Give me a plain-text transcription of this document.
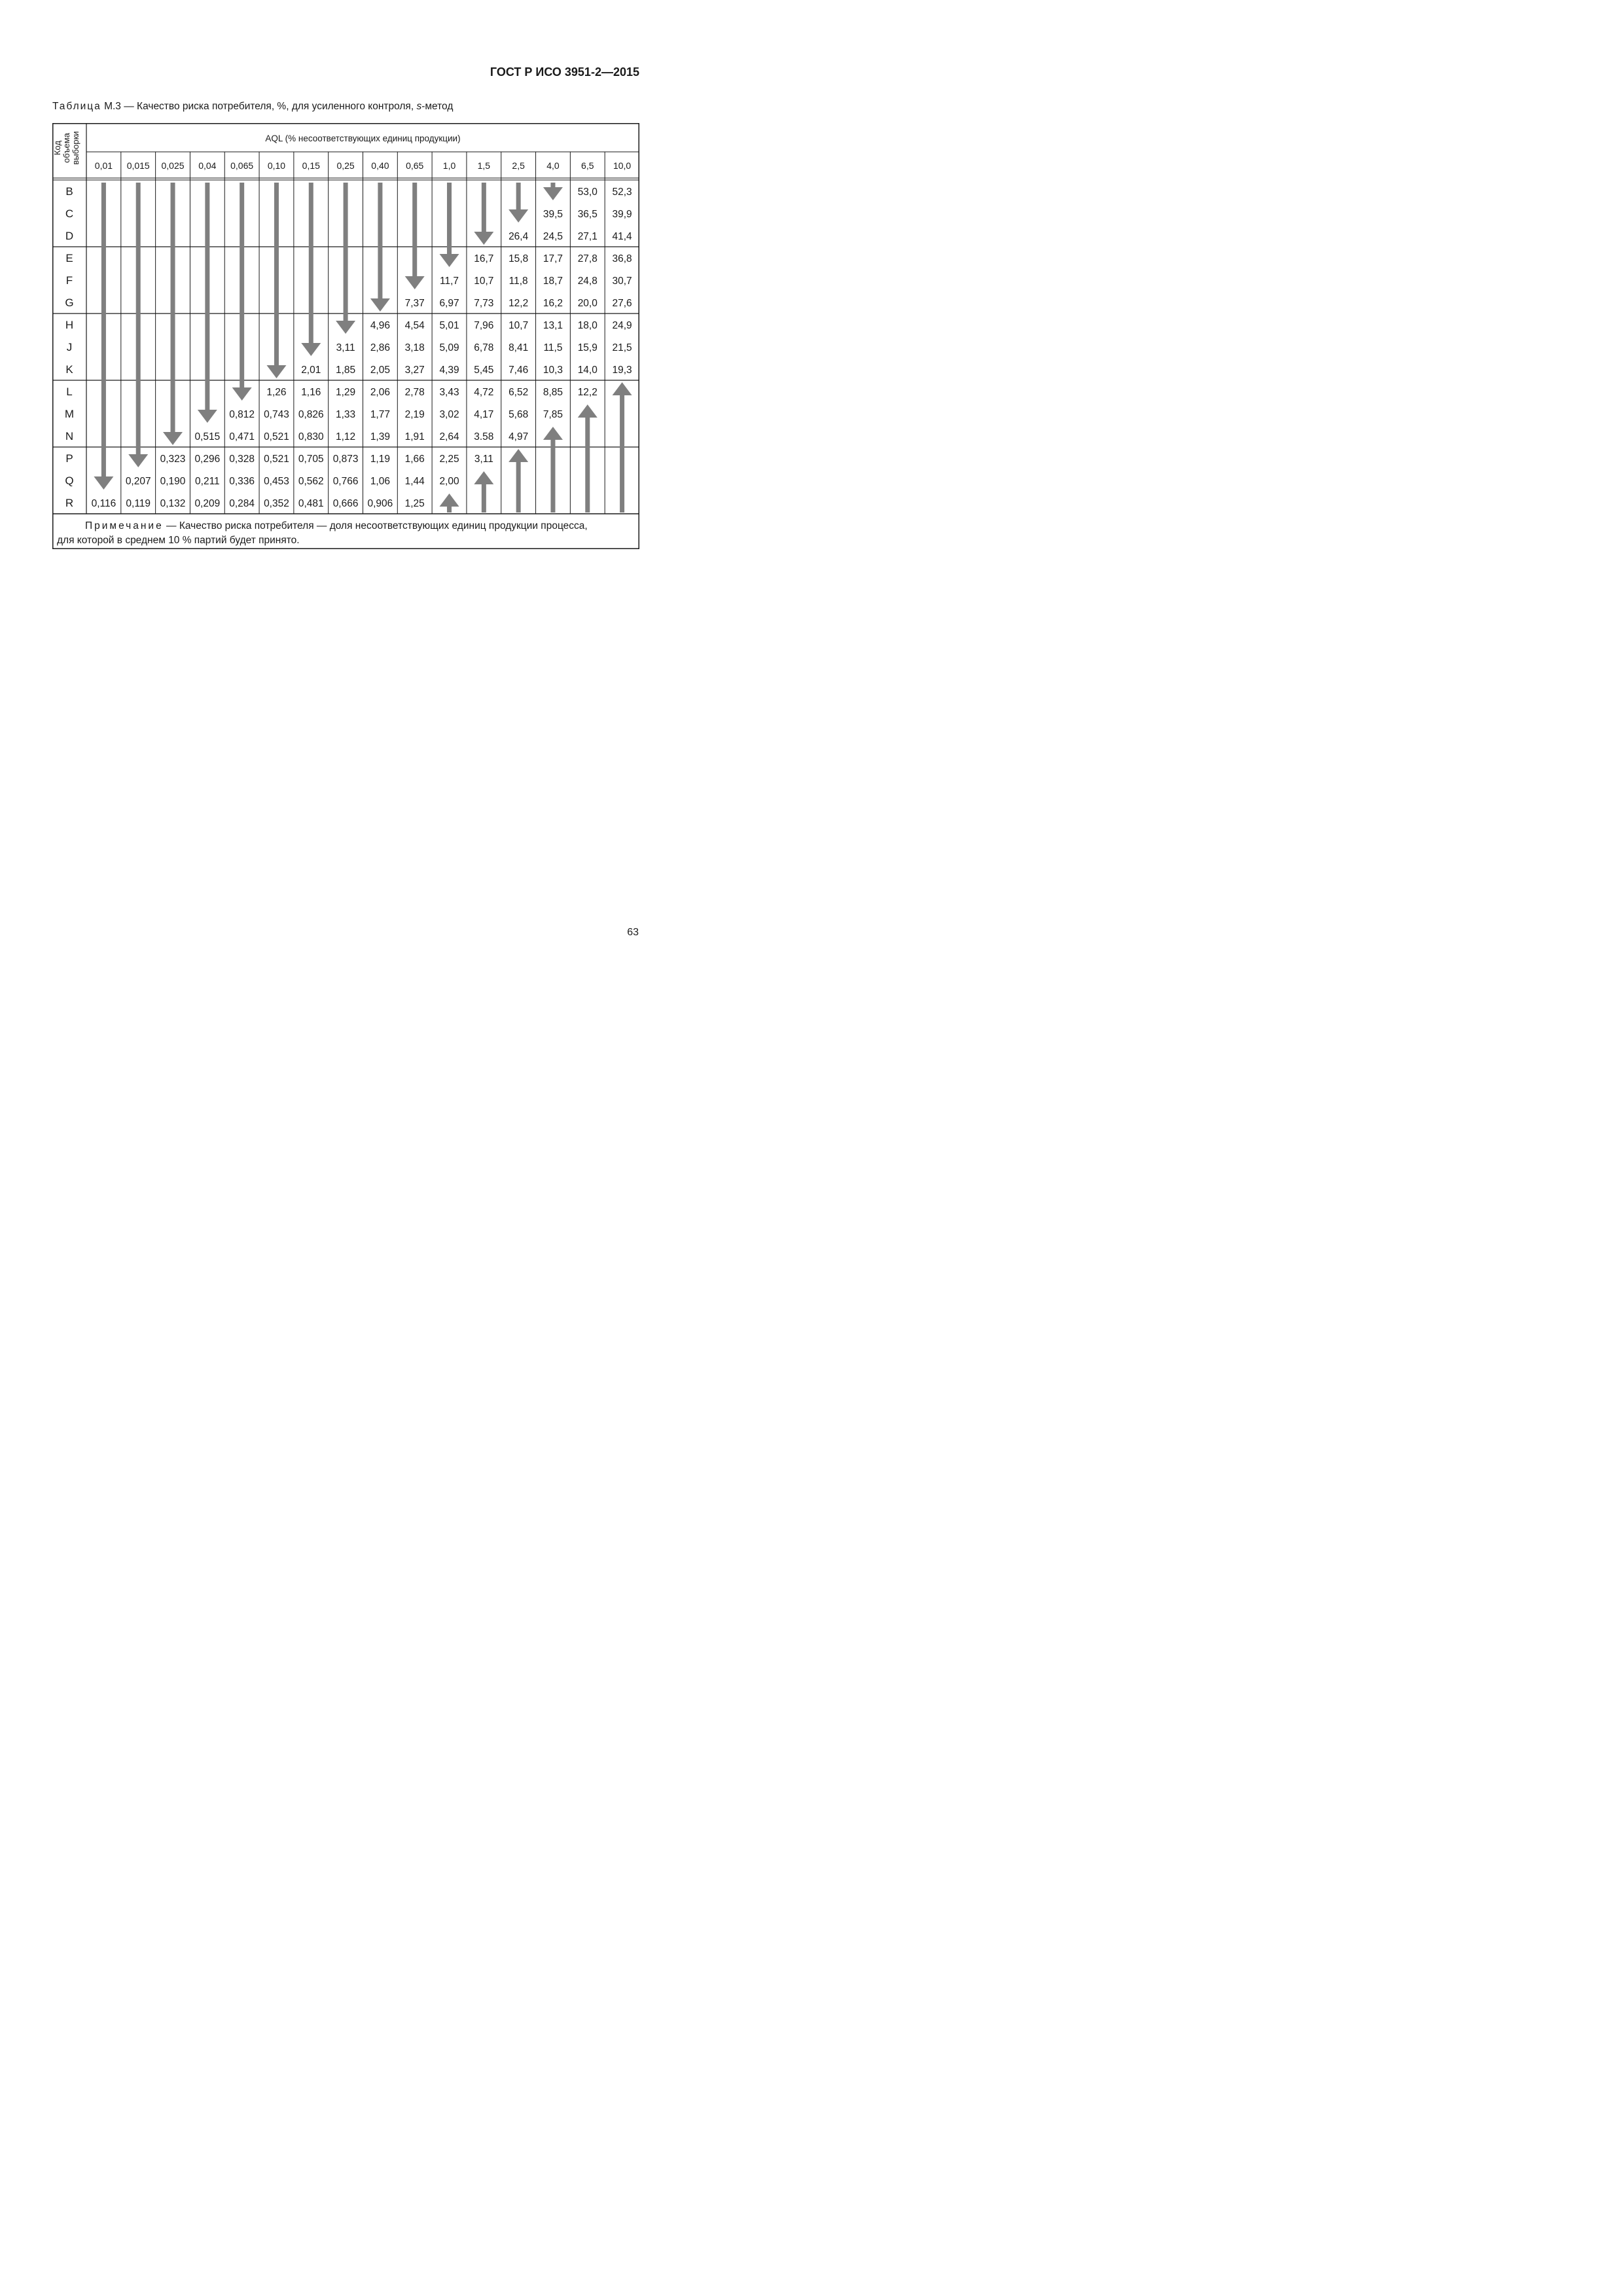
ГОСТ Р ИСО 3951-2—2015
Таблица М.3 — Качество риска потребителя, %, для усиленного контроля, s-метод
Код объема выборки	AQL (% несоответствующих единиц продукции)
0,01 0,015 0,025 0,04 0,065 0,10 0,15 0,25 0,40 0,65 1,0 1,5 2,5 4,0 6,5 10,0
B
C
D
E
F
G
H
J
K
L
M
N
P
Q
R
53,0 52,3
39,5 36,5 39,9
26,4 24,5 27,1 41,4
16,7 15,8 17,7 27,8 36,8
11,7 10,7 11,8 18,7 24,8 30,7
7,37 6,97 7,73 12,2 16,2 20,0 27,6
4,96 4,54 5,01 7,96 10,7 13,1 18,0 24,9
3,11 2,86 3,18 5,09 6,78 8,41 11,5 15,9 21,5
2,01 1,85 2,05 3,27 4,39 5,45 7,46 10,3 14,0 19,3
1,26 1,16 1,29 2,06 2,78 3,43 4,72 6,52 8,85 12,2
0,812 0,743 0,826 1,33 1,77 2,19 3,02 4,17 5,68 7,85
0,515 0,471 0,521 0,830 1,12 1,39 1,91 2,64 3.58 4,97
0,323 0,296 0,328 0,521 0,705 0,873 1,19 1,66 2,25 3,11
0,207 0,190 0,211 0,336 0,453 0,562 0,766 1,06 1,44 2,00
0,116 0,119 0,132 0,209 0,284 0,352 0,481 0,666 0,906 1,25
Примечание — Качество риска потребителя — доля несоответствующих единиц продукции процесса,
для которой в среднем 10 % партий будет принято.
63
